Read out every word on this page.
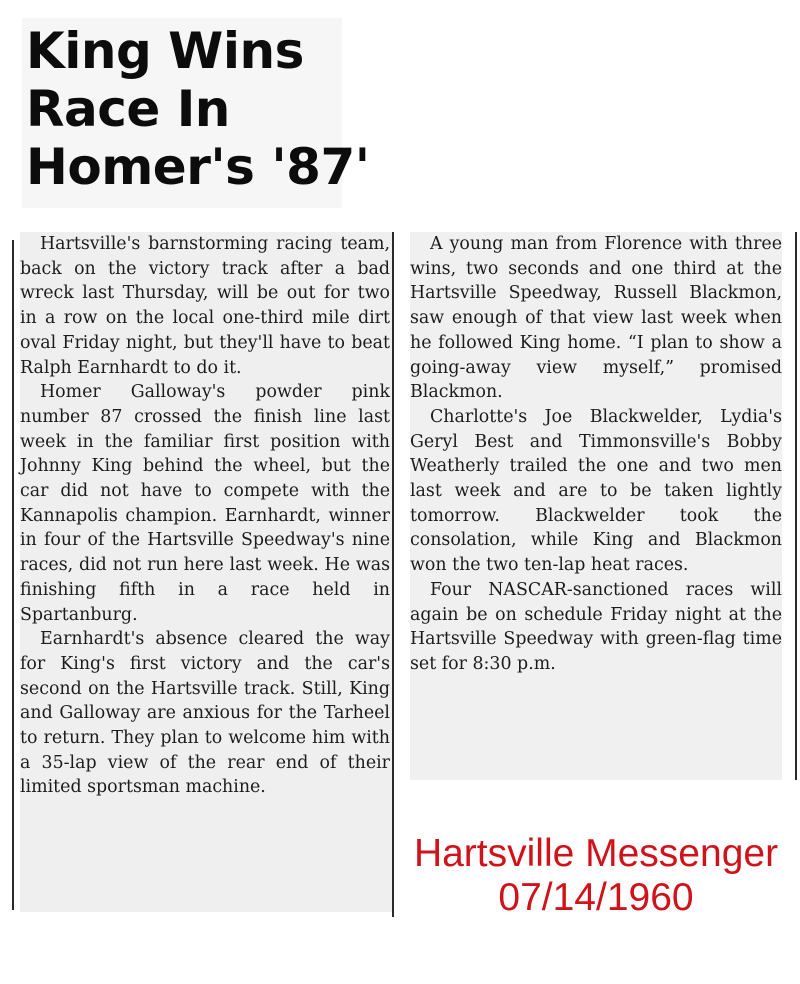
King Wins
Race In
Homer's '87'

Hartsville's barnstorming racing team, back on the victory track after a bad wreck last Thursday, will be out for two in a row on the local one-third mile dirt oval Friday night, but they'll have to beat Ralph Earnhardt to do it.

Homer Galloway's powder pink number 87 crossed the finish line last week in the familiar first position with Johnny King behind the wheel, but the car did not have to compete with the Kannapolis champion. Earnhardt, winner in four of the Hartsville Speedway's nine races, did not run here last week. He was finishing fifth in a race held in Spartanburg.

Earnhardt's absence cleared the way for King's first victory and the car's second on the Hartsville track. Still, King and Galloway are anxious for the Tarheel to return. They plan to welcome him with a 35-lap view of the rear end of their limited sportsman machine.

A young man from Florence with three wins, two seconds and one third at the Hartsville Speedway, Russell Blackmon, saw enough of that view last week when he followed King home. “I plan to show a going-away view myself,” promised Blackmon.

Charlotte's Joe Blackwelder, Lydia's Geryl Best and Timmonsville's Bobby Weatherly trailed the one and two men last week and are to be taken lightly tomorrow. Blackwelder took the consolation, while King and Blackmon won the two ten-lap heat races.

Four NASCAR-sanctioned races will again be on schedule Friday night at the Hartsville Speedway with green-flag time set for 8:30 p.m.

Hartsville Messenger
07/14/1960
